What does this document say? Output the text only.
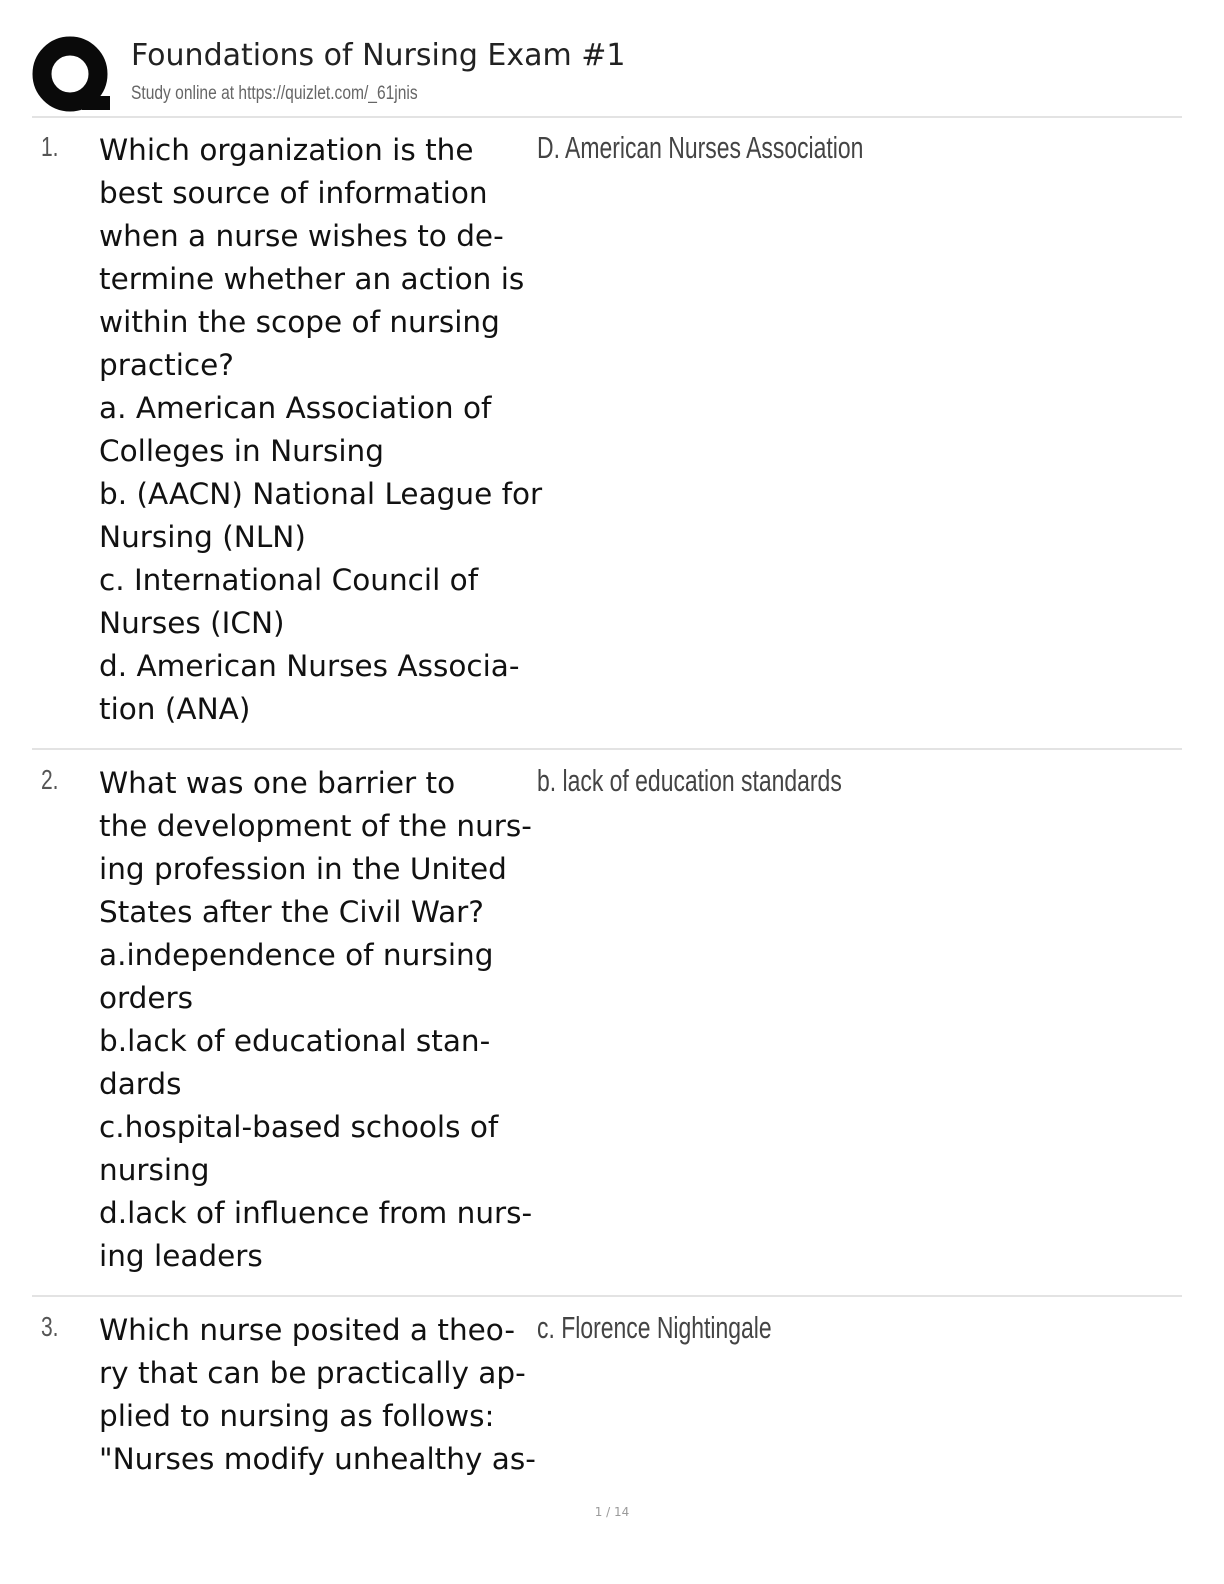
Foundations of Nursing Exam #1
Study online at https://quizlet.com/_61jnis
1. Which organization is the
best source of information
when a nurse wishes to de-
termine whether an action is
within the scope of nursing
practice?
a. American Association of
Colleges in Nursing
b. (AACN) National League for
Nursing (NLN)
c. International Council of
Nurses (ICN)
d. American Nurses Associa-
tion (ANA)
D. American Nurses Association
2. What was one barrier to
the development of the nurs-
ing profession in the United
States after the Civil War?
a.independence of nursing
orders
b.lack of educational stan-
dards
c.hospital-based schools of
nursing
d.lack of influence from nurs-
ing leaders
b. lack of education standards
3. Which nurse posited a theo-
ry that can be practically ap-
plied to nursing as follows:
"Nurses modify unhealthy as-
c. Florence Nightingale
1 / 14
